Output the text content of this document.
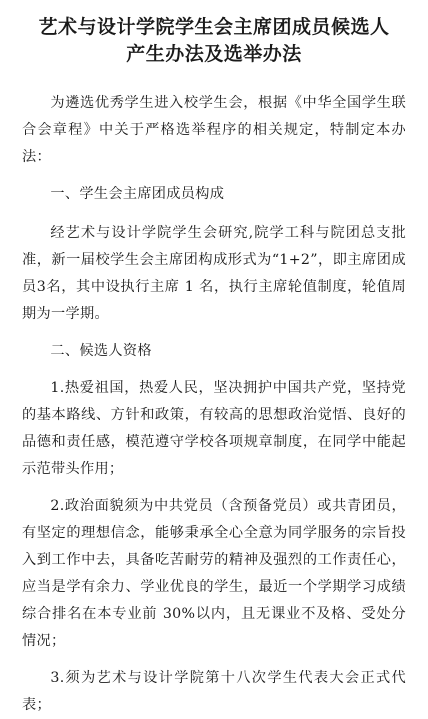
艺术与设计学院学生会主席团成员候选人

产生办法及选举办法

为遴选优秀学生进入校学生会，根据《中华全国学生联合会章程》中关于严格选举程序的相关规定，特制定本办法：

一、学生会主席团成员构成

经艺术与设计学院学生会研究,院学工科与院团总支批准，新一届校学生会主席团构成形式为“1+2”，即主席团成员3名，其中设执行主席 1 名，执行主席轮值制度，轮值周期为一学期。

二、候选人资格

1.热爱祖国，热爱人民，坚决拥护中国共产党，坚持党的基本路线、方针和政策，有较高的思想政治觉悟、良好的品德和责任感，模范遵守学校各项规章制度，在同学中能起示范带头作用；

2.政治面貌须为中共党员（含预备党员）或共青团员，有坚定的理想信念，能够秉承全心全意为同学服务的宗旨投入到工作中去，具备吃苦耐劳的精神及强烈的工作责任心，应当是学有余力、学业优良的学生，最近一个学期学习成绩综合排名在本专业前 30%以内，且无课业不及格、受处分情况；

3.须为艺术与设计学院第十八次学生代表大会正式代表；
